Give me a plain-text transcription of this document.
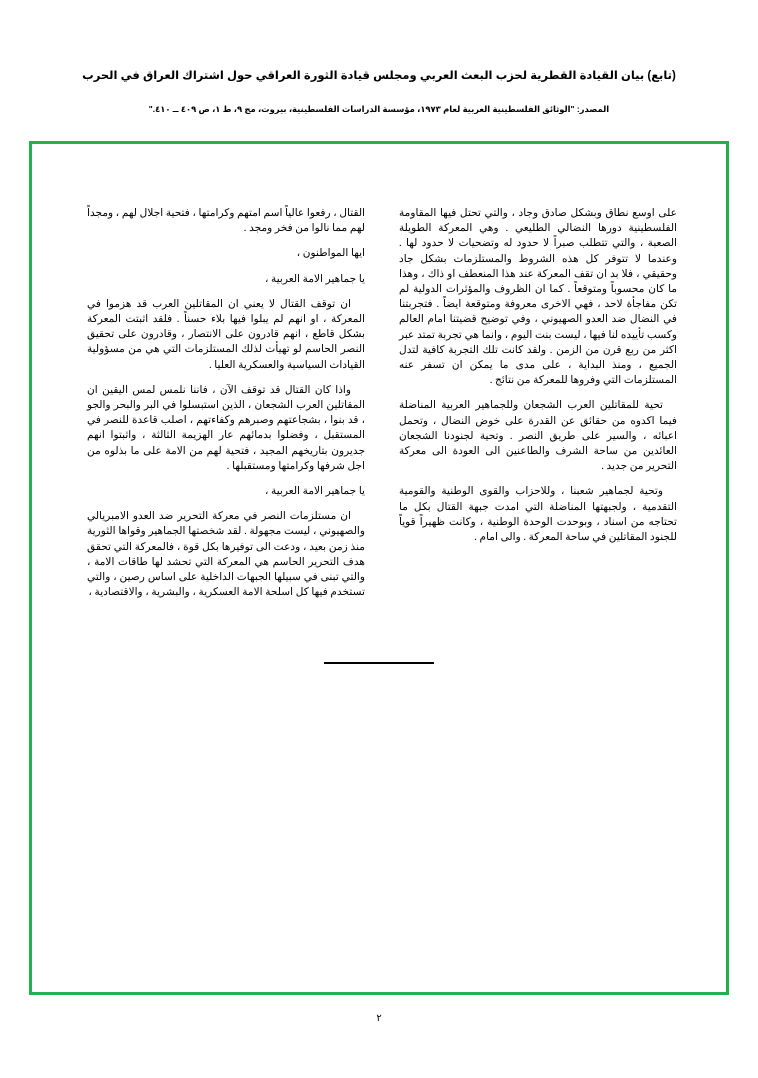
(تابع) بيان القيادة القطرية لحزب البعث العربي ومجلس قيادة الثورة العراقي حول اشتراك العراق في الحرب
المصدر: "الوثائق الفلسطينية العربية لعام ١٩٧٣، مؤسسة الدراسات الفلسطينية، بيروت، مج ٩، ط ١، ص ٤٠٩ ــ ٤١٠."

القتال ، رفعوا عالياً اسم امتهم وكرامتها ، فتحية اجلال لهم ، ومجداً لهم مما نالوا من فخر ومجد .

ايها المواطنون ،

يا جماهير الامة العربية ،

ان توقف القتال لا يعني ان المقاتلين العرب قد هزموا في المعركة ، او انهم لم يبلوا فيها بلاء حسناً . فلقد اثبتت المعركة بشكل قاطع ، انهم قادرون على الانتصار ، وقادرون على تحقيق النصر الحاسم لو تهيأت لذلك المستلزمات التي هي من مسؤولية القيادات السياسية والعسكرية العليا .

واذا كان القتال قد توقف الآن ، فاننا نلمس لمس اليقين ان المقاتلين العرب الشجعان ، الذين استبسلوا في البر والبحر والجو ، قد بنوا ، بشجاعتهم وصبرهم وكفاءتهم ، اصلب قاعدة للنصر في المستقبل ، وفضلوا بدمائهم عار الهزيمة الثالثة ، واثبتوا انهم جديرون بتاريخهم المجيد ، فتحية لهم من الامة على ما بذلوه من اجل شرفها وكرامتها ومستقبلها .

يا جماهير الامة العربية ،

ان مستلزمات النصر في معركة التحرير ضد العدو الامبريالي والصهيوني ، ليست مجهولة . لقد شخصتها الجماهير وقواها الثورية منذ زمن بعيد ، ودعت الى توفيرها بكل قوة ، فالمعركة التي تحقق هدف التحرير الحاسم هي المعركة التي تحشد لها طاقات الامة ، والتي تبنى في سبيلها الجبهات الداخلية على اساس رصين ، والتي تستخدم فيها كل اسلحة الامة العسكرية ، والبشرية ، والاقتصادية ،

على اوسع نطاق وبشكل صادق وجاد ، والتي تحتل فيها المقاومة الفلسطينية دورها النضالي الطليعي . وهي المعركة الطويلة الصعبة ، والتي تتطلب صبراً لا حدود له وتضحيات لا حدود لها . وعندما لا تتوفر كل هذه الشروط والمستلزمات بشكل جاد وحقيقي ، فلا بد ان تقف المعركة عند هذا المنعطف او ذاك ، وهذا ما كان محسوباً ومتوقعاً . كما ان الظروف والمؤثرات الدولية لم تكن مفاجأة لاحد ، فهي الاخرى معروفة ومتوقعة ايضاً . فتجربتنا في النضال ضد العدو الصهيوني ، وفي توضيح قضيتنا امام العالم وكسب تأييده لنا فيها ، ليست بنت اليوم ، وانما هي تجربة تمتد عبر اكثر من ربع قرن من الزمن . ولقد كانت تلك التجربة كافية لتدل الجميع ، ومنذ البداية ، على مدى ما يمكن ان تسفر عنه المستلزمات التي وفروها للمعركة من نتائج .

تحية للمقاتلين العرب الشجعان وللجماهير العربية المناضلة فيما اكدوه من حقائق عن القدرة على خوض النضال ، وتحمل اعبائه ، والسير على طريق النصر . وتحية لجنودنا الشجعان العائدين من ساحة الشرف والطاعنين الى العودة الى معركة التحرير من جديد .

وتحية لجماهير شعبنا ، وللاحزاب والقوى الوطنية والقومية التقدمية ، ولجبهتها المناضلة التي امدت جبهة القتال بكل ما تحتاجه من اسناد ، وبوحدت الوحدة الوطنية ، وكانت ظهيراً قوياً للجنود المقاتلين في ساحة المعركة . والى امام .

٢
